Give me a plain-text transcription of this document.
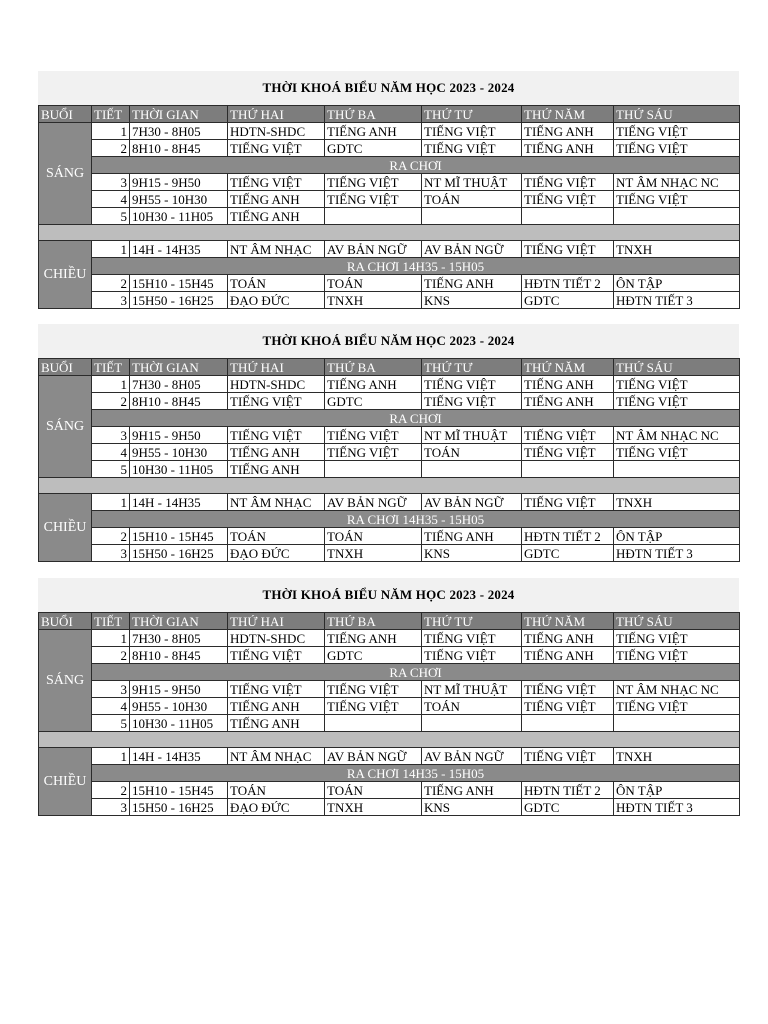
THỜI KHOÁ BIỂU NĂM HỌC 2023 - 2024
BUỔI	TIẾT	THỜI GIAN	THỨ HAI	THỨ BA	THỨ TƯ	THỨ NĂM	THỨ SÁU
SÁNG	1	7H30 - 8H05	HDTN-SHDC	TIẾNG ANH	TIẾNG VIỆT	TIẾNG ANH	TIẾNG VIỆT
	2	8H10 - 8H45	TIẾNG VIỆT	GDTC	TIẾNG VIỆT	TIẾNG ANH	TIẾNG VIỆT
	RA CHƠI						
	3	9H15 - 9H50	TIẾNG VIỆT	TIẾNG VIỆT	NT MĨ THUẬT	TIẾNG VIỆT	NT ÂM NHẠC NC
	4	9H55 - 10H30	TIẾNG ANH	TIẾNG VIỆT	TOÁN	TIẾNG VIỆT	TIẾNG VIỆT
	5	10H30 - 11H05	TIẾNG ANH				

CHIỀU	1	14H - 14H35	NT ÂM NHẠC	AV BẢN NGỮ	AV BẢN NGỮ	TIẾNG VIỆT	TNXH
	RA CHƠI 14H35 - 15H05						
	2	15H10 - 15H45	TOÁN	TOÁN	TIẾNG ANH	HĐTN TIẾT 2	ÔN TẬP
	3	15H50 - 16H25	ĐẠO ĐỨC	TNXH	KNS	GDTC	HĐTN TIẾT 3
THỜI KHOÁ BIỂU NĂM HỌC 2023 - 2024
BUỔI	TIẾT	THỜI GIAN	THỨ HAI	THỨ BA	THỨ TƯ	THỨ NĂM	THỨ SÁU
SÁNG	1	7H30 - 8H05	HDTN-SHDC	TIẾNG ANH	TIẾNG VIỆT	TIẾNG ANH	TIẾNG VIỆT
	2	8H10 - 8H45	TIẾNG VIỆT	GDTC	TIẾNG VIỆT	TIẾNG ANH	TIẾNG VIỆT
	RA CHƠI						
	3	9H15 - 9H50	TIẾNG VIỆT	TIẾNG VIỆT	NT MĨ THUẬT	TIẾNG VIỆT	NT ÂM NHẠC NC
	4	9H55 - 10H30	TIẾNG ANH	TIẾNG VIỆT	TOÁN	TIẾNG VIỆT	TIẾNG VIỆT
	5	10H30 - 11H05	TIẾNG ANH				

CHIỀU	1	14H - 14H35	NT ÂM NHẠC	AV BẢN NGỮ	AV BẢN NGỮ	TIẾNG VIỆT	TNXH
	RA CHƠI 14H35 - 15H05						
	2	15H10 - 15H45	TOÁN	TOÁN	TIẾNG ANH	HĐTN TIẾT 2	ÔN TẬP
	3	15H50 - 16H25	ĐẠO ĐỨC	TNXH	KNS	GDTC	HĐTN TIẾT 3
THỜI KHOÁ BIỂU NĂM HỌC 2023 - 2024
BUỔI	TIẾT	THỜI GIAN	THỨ HAI	THỨ BA	THỨ TƯ	THỨ NĂM	THỨ SÁU
SÁNG	1	7H30 - 8H05	HDTN-SHDC	TIẾNG ANH	TIẾNG VIỆT	TIẾNG ANH	TIẾNG VIỆT
	2	8H10 - 8H45	TIẾNG VIỆT	GDTC	TIẾNG VIỆT	TIẾNG ANH	TIẾNG VIỆT
	RA CHƠI						
	3	9H15 - 9H50	TIẾNG VIỆT	TIẾNG VIỆT	NT MĨ THUẬT	TIẾNG VIỆT	NT ÂM NHẠC NC
	4	9H55 - 10H30	TIẾNG ANH	TIẾNG VIỆT	TOÁN	TIẾNG VIỆT	TIẾNG VIỆT
	5	10H30 - 11H05	TIẾNG ANH				

CHIỀU	1	14H - 14H35	NT ÂM NHẠC	AV BẢN NGỮ	AV BẢN NGỮ	TIẾNG VIỆT	TNXH
	RA CHƠI 14H35 - 15H05						
	2	15H10 - 15H45	TOÁN	TOÁN	TIẾNG ANH	HĐTN TIẾT 2	ÔN TẬP
	3	15H50 - 16H25	ĐẠO ĐỨC	TNXH	KNS	GDTC	HĐTN TIẾT 3
